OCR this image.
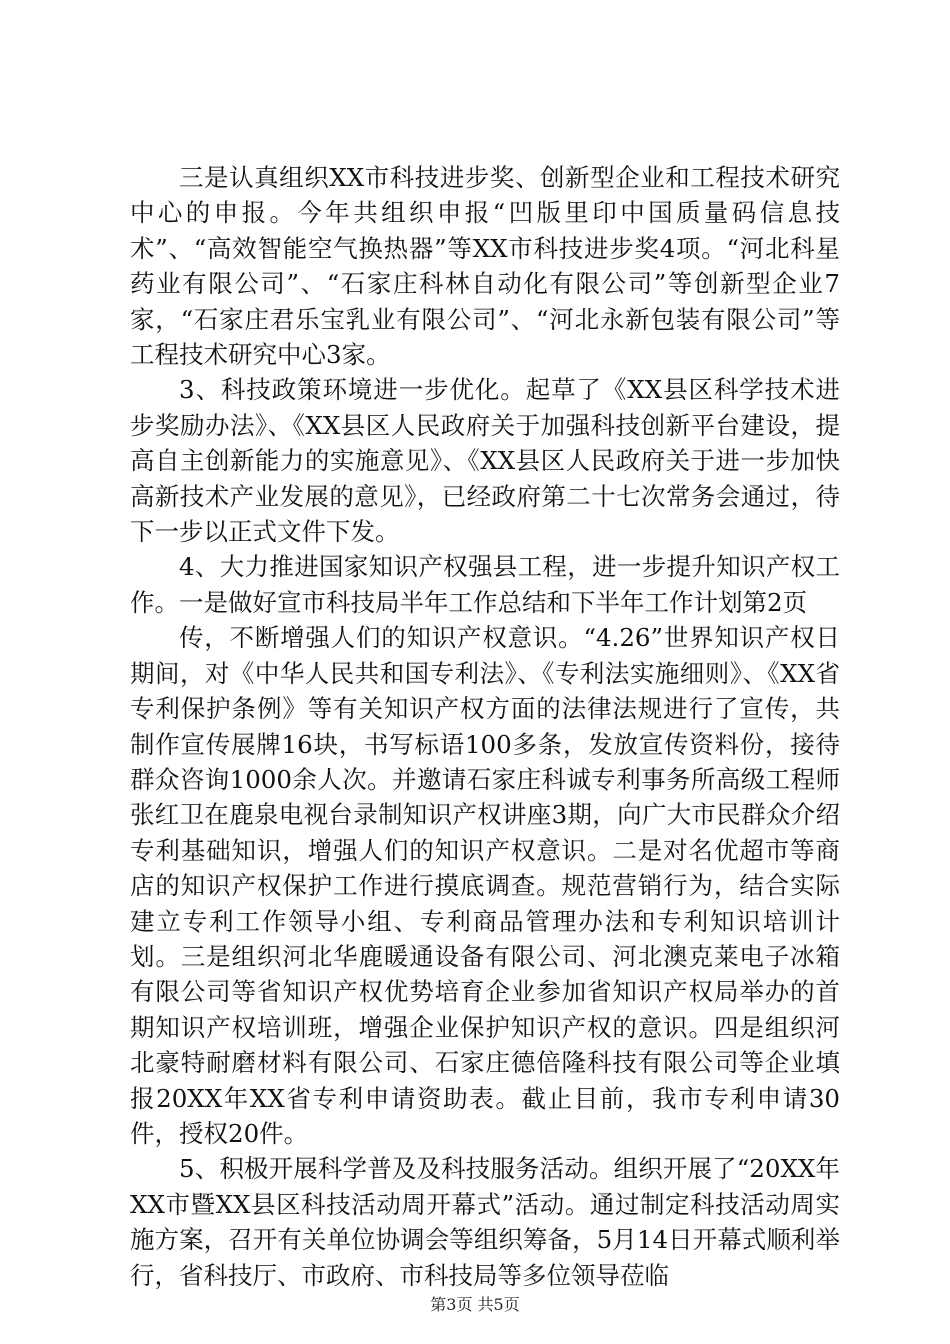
三是认真组织XX市科技进步奖、创新型企业和工程技术研究中心的申报。今年共组织申报“凹版里印中国质量码信息技术”、“高效智能空气换热器”等XX市科技进步奖4项。“河北科星药业有限公司”、“石家庄科林自动化有限公司”等创新型企业7家，“石家庄君乐宝乳业有限公司”、“河北永新包装有限公司”等工程技术研究中心3家。

3、科技政策环境进一步优化。起草了《XX县区科学技术进步奖励办法》、《XX县区人民政府关于加强科技创新平台建设，提高自主创新能力的实施意见》、《XX县区人民政府关于进一步加快高新技术产业发展的意见》，已经政府第二十七次常务会通过，待下一步以正式文件下发。

4、大力推进国家知识产权强县工程，进一步提升知识产权工作。一是做好宣市科技局半年工作总结和下半年工作计划第2页

传，不断增强人们的知识产权意识。“4.26”世界知识产权日期间，对《中华人民共和国专利法》、《专利法实施细则》、《XX省专利保护条例》等有关知识产权方面的法律法规进行了宣传，共制作宣传展牌16块，书写标语100多条，发放宣传资料份，接待群众咨询1000余人次。并邀请石家庄科诚专利事务所高级工程师张红卫在鹿泉电视台录制知识产权讲座3期，向广大市民群众介绍专利基础知识，增强人们的知识产权意识。二是对名优超市等商店的知识产权保护工作进行摸底调查。规范营销行为，结合实际建立专利工作领导小组、专利商品管理办法和专利知识培训计划。三是组织河北华鹿暖通设备有限公司、河北澳克莱电子冰箱有限公司等省知识产权优势培育企业参加省知识产权局举办的首期知识产权培训班，增强企业保护知识产权的意识。四是组织河北豪特耐磨材料有限公司、石家庄德倍隆科技有限公司等企业填报20XX年XX省专利申请资助表。截止目前，我市专利申请30件，授权20件。

5、积极开展科学普及及科技服务活动。组织开展了“20XX年XX市暨XX县区科技活动周开幕式”活动。通过制定科技活动周实施方案，召开有关单位协调会等组织筹备，5月14日开幕式顺利举行，省科技厅、市政府、市科技局等多位领导莅临

第3页 共5页
